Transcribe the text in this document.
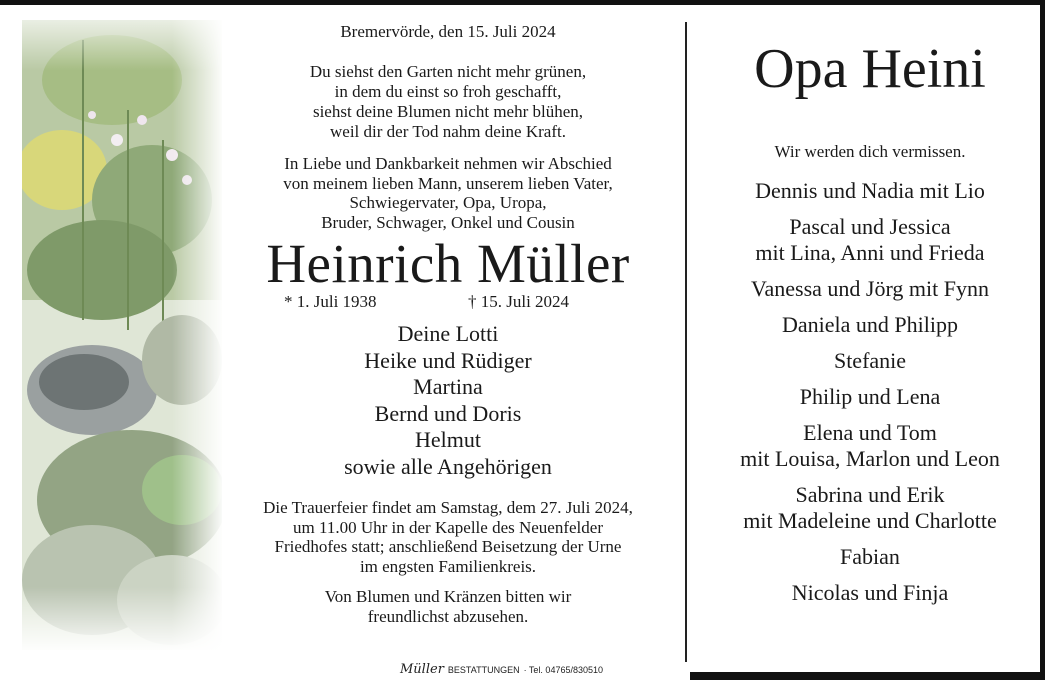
Bremervörde, den 15. Juli 2024

Du siehst den Garten nicht mehr grünen,
in dem du einst so froh geschafft,
siehst deine Blumen nicht mehr blühen,
weil dir der Tod nahm deine Kraft.
In Liebe und Dankbarkeit nehmen wir Abschied
von meinem lieben Mann, unserem lieben Vater,
Schwiegervater, Opa, Uropa,
Bruder, Schwager, Onkel und Cousin
Heinrich Müller
* 1. Juli 1938	† 15. Juli 2024
Deine Lotti
Heike und Rüdiger
Martina
Bernd und Doris
Helmut
sowie alle Angehörigen
Die Trauerfeier findet am Samstag, dem 27. Juli 2024,
um 11.00 Uhr in der Kapelle des Neuenfelder
Friedhofes statt; anschließend Beisetzung der Urne
im engsten Familienkreis.
Von Blumen und Kränzen bitten wir
freundlichst abzusehen.
Müller BESTATTUNGEN · Tel. 04765/830510
Opa Heini
Wir werden dich vermissen.
Dennis und Nadia mit Lio
Pascal und Jessica
mit Lina, Anni und Frieda
Vanessa und Jörg mit Fynn
Daniela und Philipp
Stefanie
Philip und Lena
Elena und Tom
mit Louisa, Marlon und Leon
Sabrina und Erik
mit Madeleine und Charlotte
Fabian
Nicolas und Finja
